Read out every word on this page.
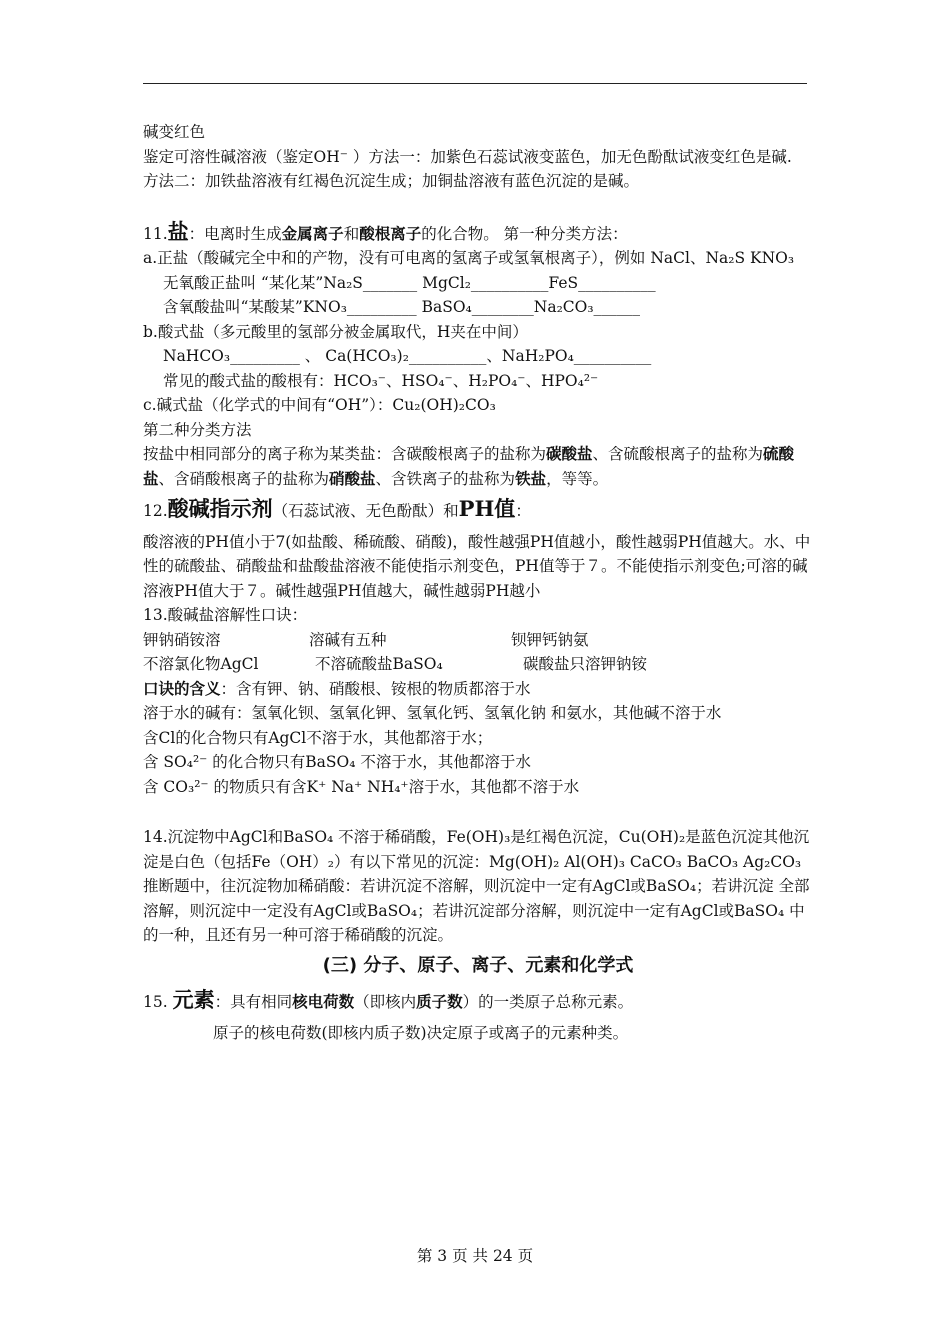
碱变红色
鉴定可溶性碱溶液（鉴定OH⁻ ）方法一：加紫色石蕊试液变蓝色，加无色酚酞试液变红色是碱.
方法二：加铁盐溶液有红褐色沉淀生成；加铜盐溶液有蓝色沉淀的是碱。
11.盐：电离时生成金属离子和酸根离子的化合物。 第一种分类方法：
a.正盐（酸碱完全中和的产物，没有可电离的氢离子或氢氧根离子），例如 NaCl、Na₂S KNO₃
无氧酸正盐叫 “某化某”Na₂S_______ MgCl₂__________FeS__________
含氧酸盐叫“某酸某”KNO₃_________ BaSO₄________Na₂CO₃______
b.酸式盐（多元酸里的氢部分被金属取代，H夹在中间）
NaHCO₃_________ 、 Ca(HCO₃)₂__________、NaH₂PO₄__________
常见的酸式盐的酸根有：HCO₃⁻、HSO₄⁻、H₂PO₄⁻、HPO₄²⁻
c.碱式盐（化学式的中间有“OH”）：Cu₂(OH)₂CO₃
第二种分类方法
按盐中相同部分的离子称为某类盐：含碳酸根离子的盐称为碳酸盐、含硫酸根离子的盐称为硫酸盐、含硝酸根离子的盐称为硝酸盐、含铁离子的盐称为铁盐，等等。
12.酸碱指示剂（石蕊试液、无色酚酞）和PH值：
酸溶液的PH值小于7(如盐酸、稀硫酸、硝酸)，酸性越强PH值越小，酸性越弱PH值越大。水、中性的硫酸盐、硝酸盐和盐酸盐溶液不能使指示剂变色，PH值等于７。不能使指示剂变色;可溶的碱溶液PH值大于７。碱性越强PH值越大，碱性越弱PH越小
13.酸碱盐溶解性口诀：
钾钠硝铵溶	溶碱有五种	钡钾钙钠氨
不溶氯化物AgCl	不溶硫酸盐BaSO₄	碳酸盐只溶钾钠铵
口诀的含义：含有钾、钠、硝酸根、铵根的物质都溶于水
溶于水的碱有：氢氧化钡、氢氧化钾、氢氧化钙、氢氧化钠 和氨水，其他碱不溶于水
含Cl的化合物只有AgCl不溶于水，其他都溶于水；
含 SO₄²⁻ 的化合物只有BaSO₄ 不溶于水，其他都溶于水
含 CO₃²⁻ 的物质只有含K⁺ Na⁺ NH₄⁺溶于水，其他都不溶于水
14.沉淀物中AgCl和BaSO₄ 不溶于稀硝酸，Fe(OH)₃是红褐色沉淀，Cu(OH)₂是蓝色沉淀其他沉淀是白色（包括Fe（OH）₂）有以下常见的沉淀：Mg(OH)₂ Al(OH)₃ CaCO₃ BaCO₃ Ag₂CO₃
推断题中，往沉淀物加稀硝酸：若讲沉淀不溶解，则沉淀中一定有AgCl或BaSO₄；若讲沉淀 全部溶解，则沉淀中一定没有AgCl或BaSO₄；若讲沉淀部分溶解，则沉淀中一定有AgCl或BaSO₄ 中的一种，且还有另一种可溶于稀硝酸的沉淀。
(三) 分子、原子、离子、元素和化学式
15. 元素：具有相同核电荷数（即核内质子数）的一类原子总称元素。
原子的核电荷数(即核内质子数)决定原子或离子的元素种类。
第 3 页 共 24 页
